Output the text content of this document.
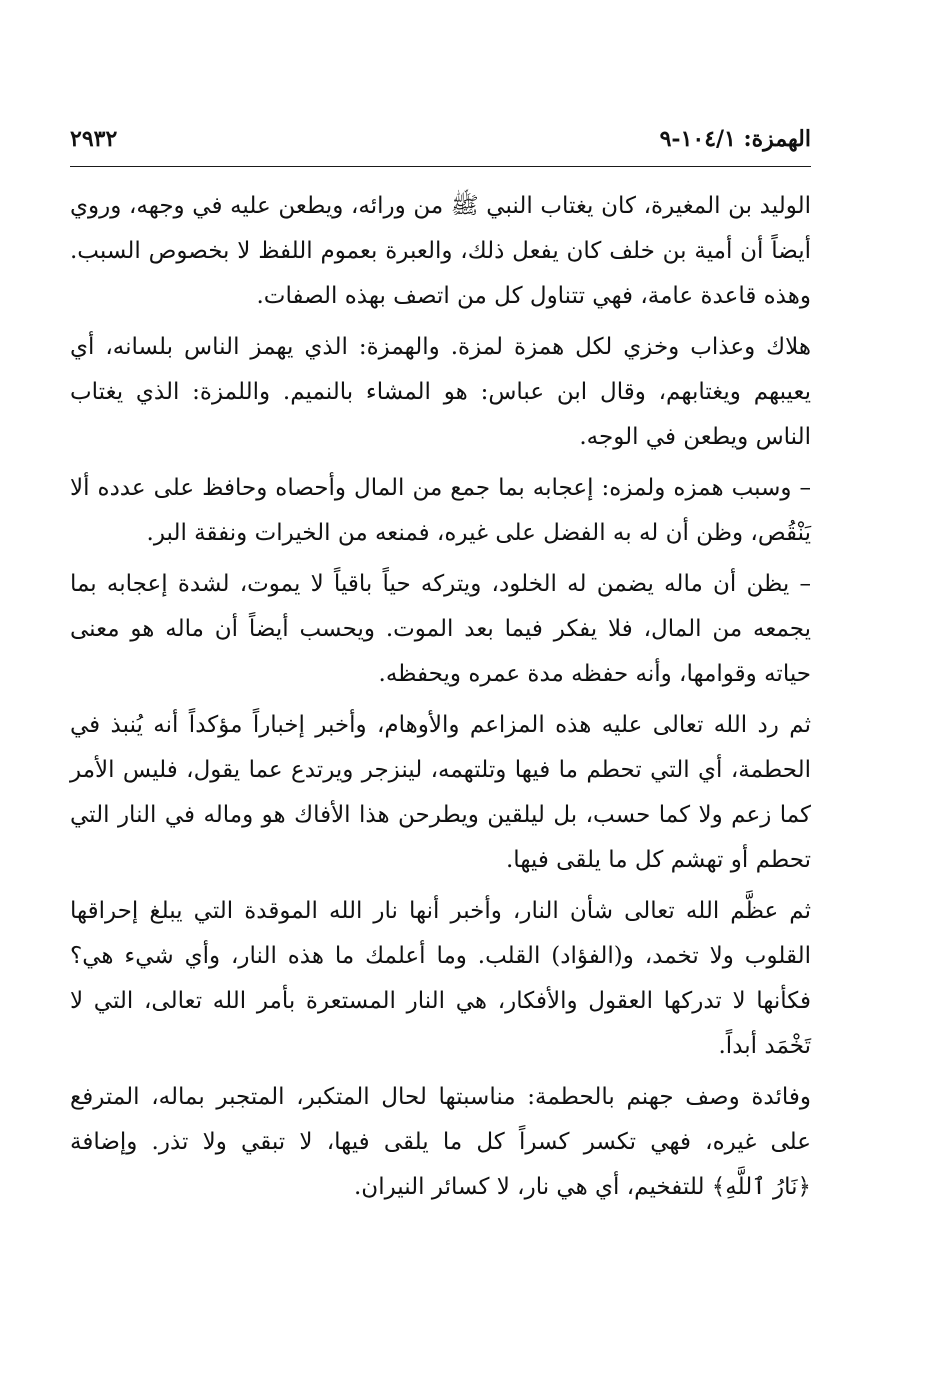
الهمزة: ١٠٤/١-٩
٢٩٣٢

الوليد بن المغيرة، كان يغتاب النبي ﷺ من ورائه، ويطعن عليه في وجهه، وروي أيضاً أن أمية بن خلف كان يفعل ذلك، والعبرة بعموم اللفظ لا بخصوص السبب. وهذه قاعدة عامة، فهي تتناول كل من اتصف بهذه الصفات.

هلاك وعذاب وخزي لكل همزة لمزة. والهمزة: الذي يهمز الناس بلسانه، أي يعيبهم ويغتابهم، وقال ابن عباس: هو المشاء بالنميم. واللمزة: الذي يغتاب الناس ويطعن في الوجه.

– وسبب همزه ولمزه: إعجابه بما جمع من المال وأحصاه وحافظ على عدده ألا يَنْقُص، وظن أن له به الفضل على غيره، فمنعه من الخيرات ونفقة البر.

– يظن أن ماله يضمن له الخلود، ويتركه حياً باقياً لا يموت، لشدة إعجابه بما يجمعه من المال، فلا يفكر فيما بعد الموت. ويحسب أيضاً أن ماله هو معنى حياته وقوامها، وأنه حفظه مدة عمره ويحفظه.

ثم رد الله تعالى عليه هذه المزاعم والأوهام، وأخبر إخباراً مؤكداً أنه يُنبذ في الحطمة، أي التي تحطم ما فيها وتلتهمه، لينزجر ويرتدع عما يقول، فليس الأمر كما زعم ولا كما حسب، بل ليلقين ويطرحن هذا الأفاك هو وماله في النار التي تحطم أو تهشم كل ما يلقى فيها.

ثم عظَّم الله تعالى شأن النار، وأخبر أنها نار الله الموقدة التي يبلغ إحراقها القلوب ولا تخمد، و(الفؤاد) القلب. وما أعلمك ما هذه النار، وأي شيء هي؟ فكأنها لا تدركها العقول والأفكار، هي النار المستعرة بأمر الله تعالى، التي لا تَخْمَد أبداً.

وفائدة وصف جهنم بالحطمة: مناسبتها لحال المتكبر، المتجبر بماله، المترفع على غيره، فهي تكسر كسراً كل ما يلقى فيها، لا تبقي ولا تذر. وإضافة ﴿نَارُ ٱللَّهِ﴾ للتفخيم، أي هي نار، لا كسائر النيران.
